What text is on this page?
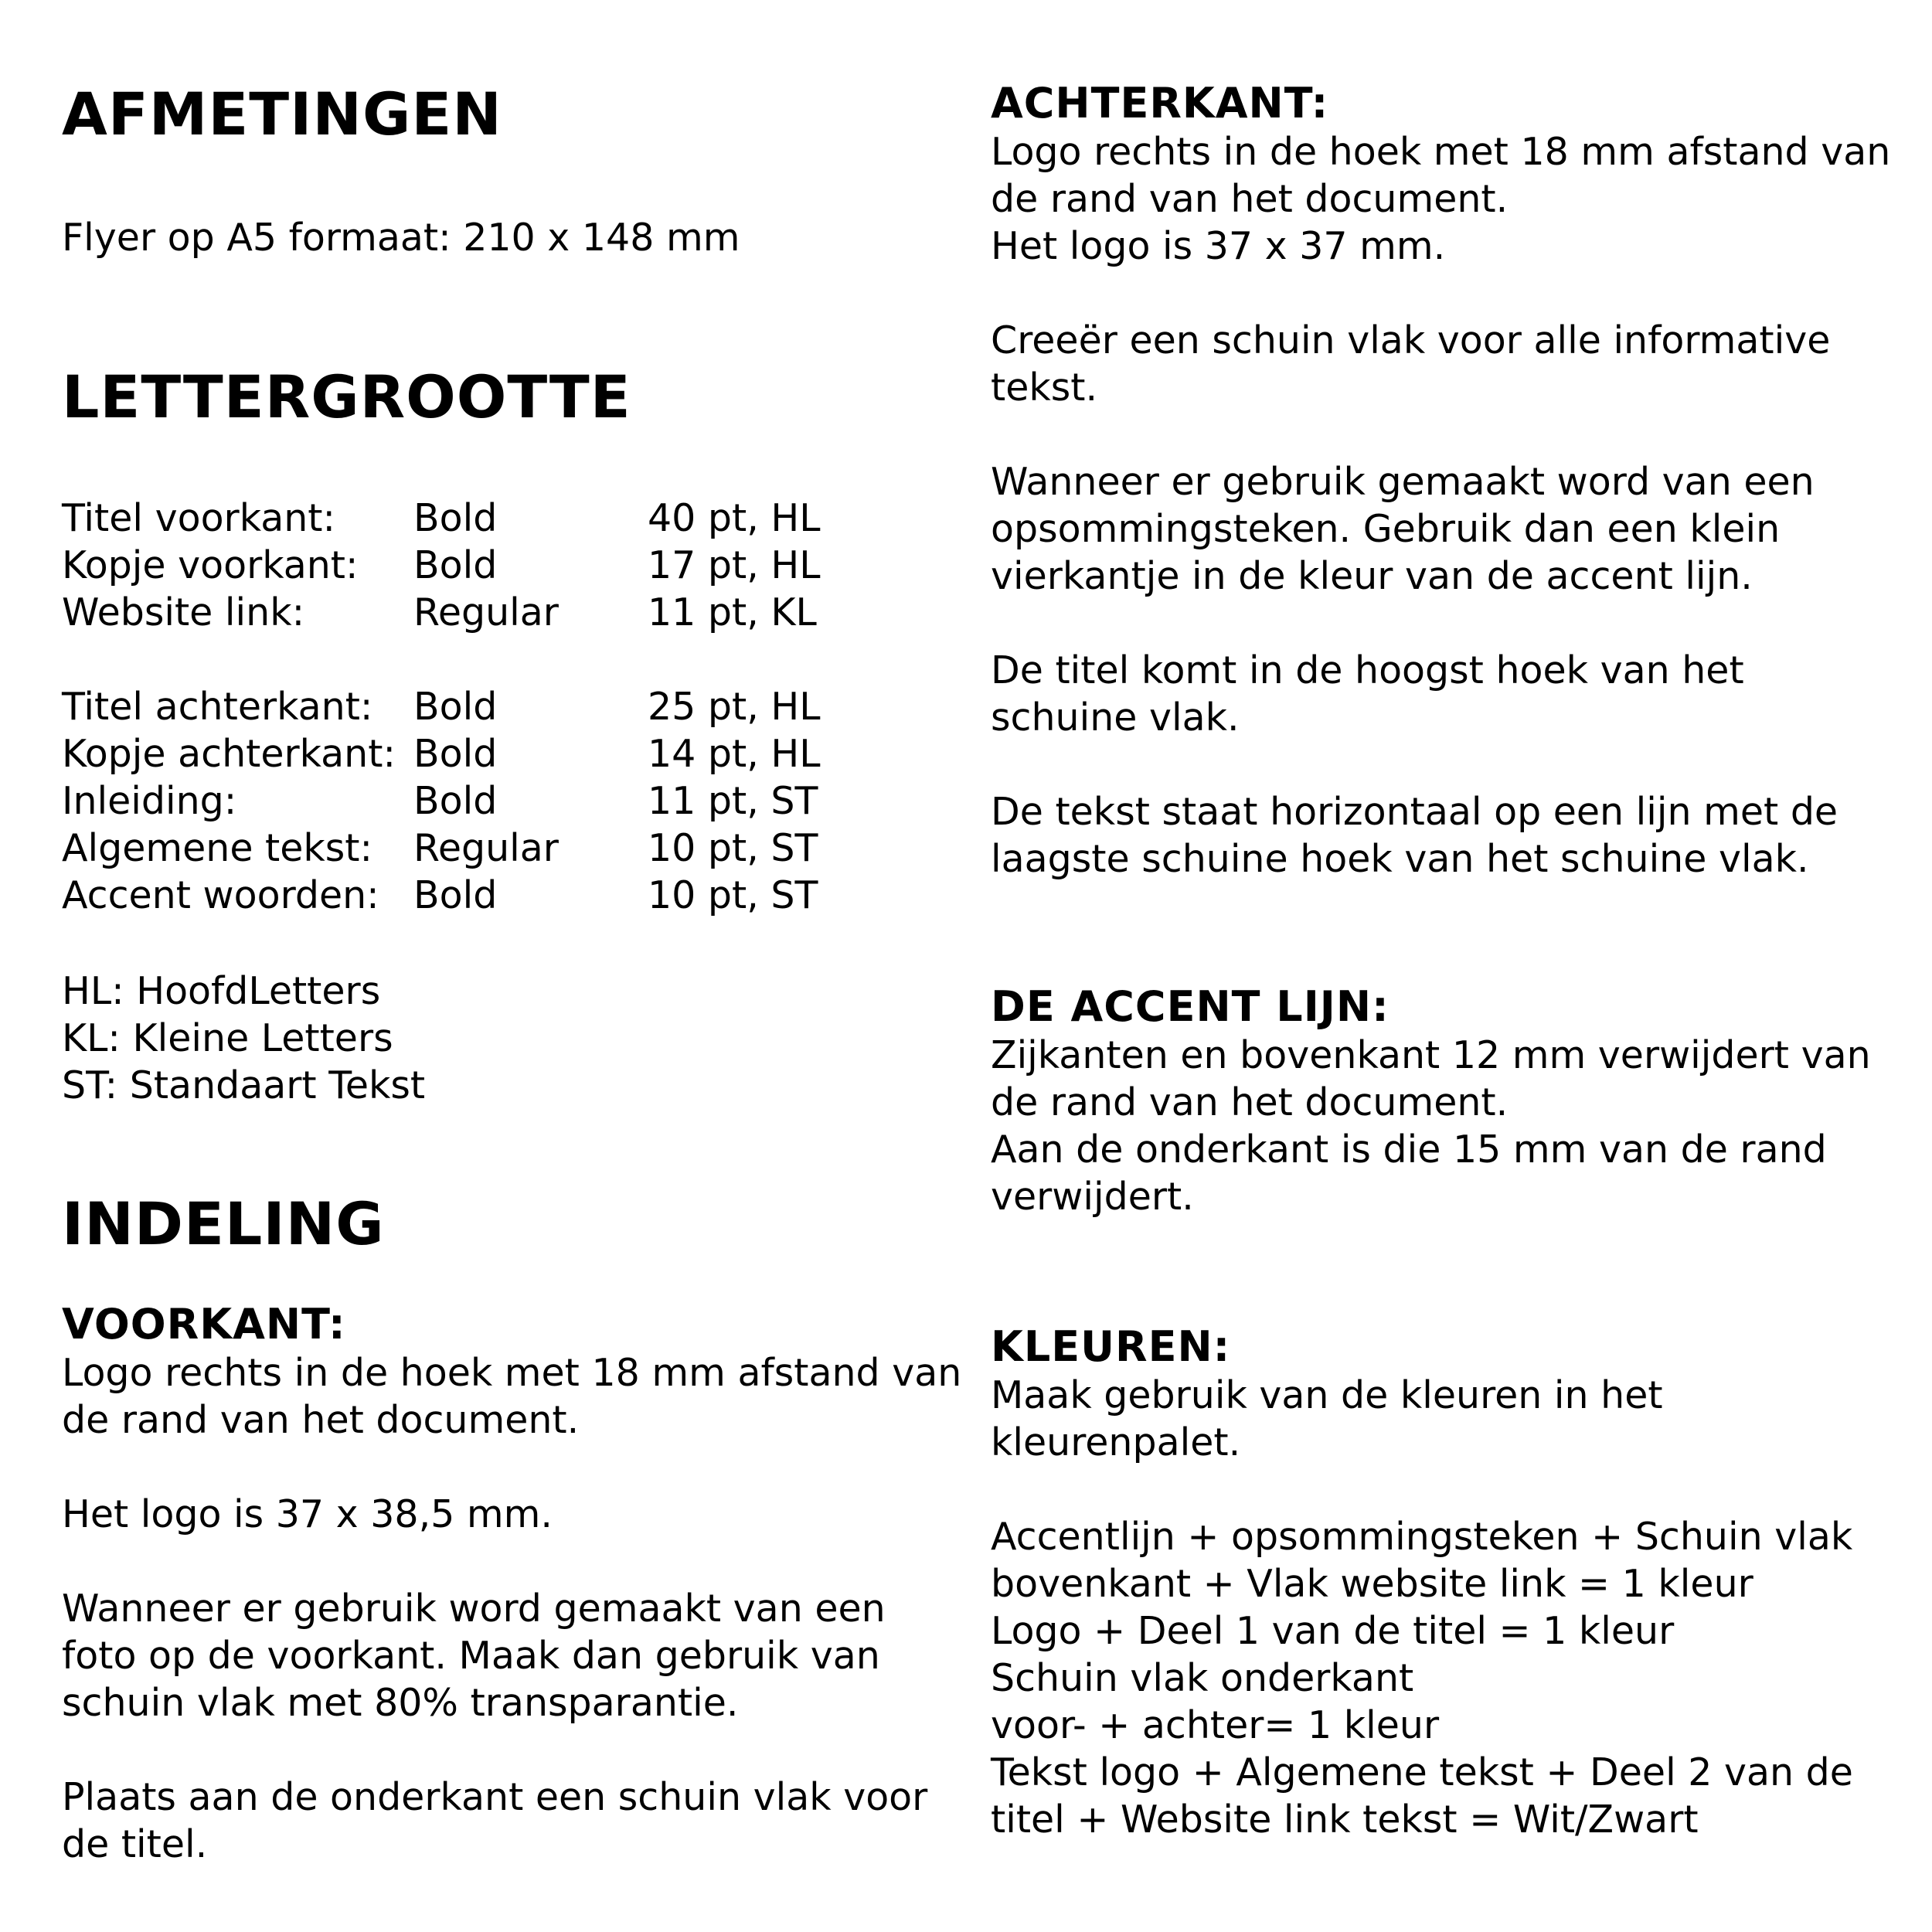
AFMETINGEN

Flyer op A5 formaat: 210 x 148 mm

LETTERGROOTTE
Titel voorkant:	Bold	40 pt, HL
Kopje voorkant:	Bold	17 pt, HL
Website link:	Regular	11 pt, KL

Titel achterkant:	Bold	25 pt, HL
Kopje achterkant:	Bold	14 pt, HL
Inleiding:	Bold	11 pt, ST
Algemene tekst:	Regular	10 pt, ST
Accent woorden:	Bold	10 pt, ST

HL: HoofdLetters
KL: Kleine Letters
ST: Standaart Tekst

INDELING
VOORKANT:

Logo rechts in de hoek met 18 mm afstand van
de rand van het document.

Het logo is 37 x 38,5 mm.

Wanneer er gebruik word gemaakt van een
foto op de voorkant. Maak dan gebruik van
schuin vlak met 80% transparantie.

Plaats aan de onderkant een schuin vlak voor
de titel.

ACHTERKANT:

Logo rechts in de hoek met 18 mm afstand van
de rand van het document.
Het logo is 37 x 37 mm.

Creeër een schuin vlak voor alle informative
tekst.

Wanneer er gebruik gemaakt word van een
opsommingsteken. Gebruik dan een klein
vierkantje in de kleur van de accent lijn.

De titel komt in de hoogst hoek van het
schuine vlak.

De tekst staat horizontaal op een lijn met de
laagste schuine hoek van het schuine vlak.

DE ACCENT LIJN:

Zijkanten en bovenkant 12 mm verwijdert van
de rand van het document.
Aan de onderkant is die 15 mm van de rand
verwijdert.

KLEUREN:

Maak gebruik van de kleuren in het
kleurenpalet.

Accentlijn + opsommingsteken + Schuin vlak
bovenkant + Vlak website link = 1 kleur
Logo + Deel 1 van de titel = 1 kleur
Schuin vlak onderkant
voor- + achter= 1 kleur
Tekst logo + Algemene tekst + Deel 2 van de
titel + Website link tekst = Wit/Zwart
